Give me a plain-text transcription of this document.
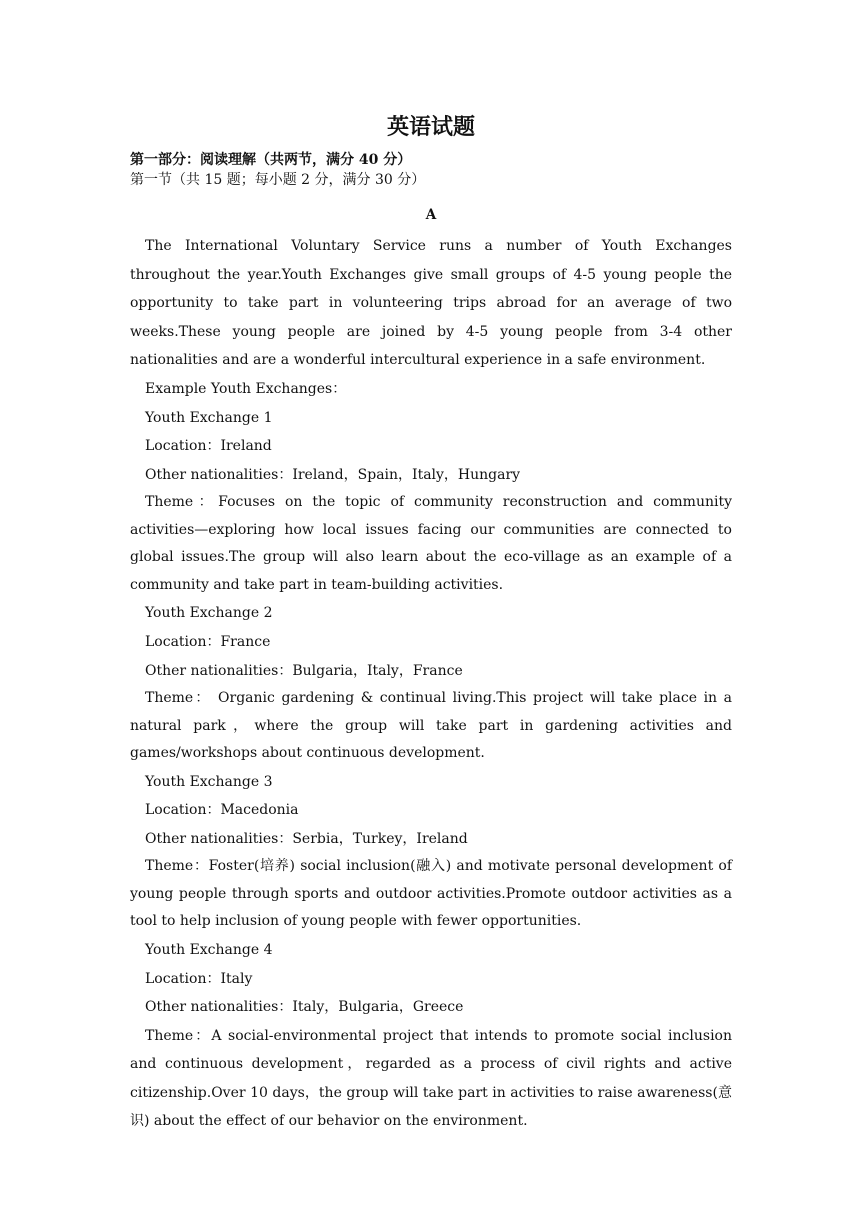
英语试题

第一部分：阅读理解（共两节，满分 40 分）

第一节（共 15 题；每小题 2 分，满分 30 分）

A

The International Voluntary Service runs a number of Youth Exchanges throughout the year.Youth Exchanges give small groups of 4‐5 young people the opportunity to take part in volunteering trips abroad for an average of two weeks.These young people are joined by 4‐5 young people from 3‐4 other nationalities and are a wonderful intercultural experience in a safe environment.

Example Youth Exchanges：

Youth Exchange 1

Location：Ireland

Other nationalities：Ireland，Spain，Italy，Hungary

Theme：Focuses on the topic of community reconstruction and community activities—exploring how local issues facing our communities are connected to global issues.The group will also learn about the eco‐village as an example of a community and take part in team‐building activities.

Youth Exchange 2

Location：France

Other nationalities：Bulgaria，Italy，France

Theme： Organic gardening & continual living.This project will take place in a natural park，where the group will take part in gardening activities and games/workshops about continuous development.

Youth Exchange 3

Location：Macedonia

Other nationalities：Serbia，Turkey，Ireland

Theme：Foster(培养) social inclusion(融入) and motivate personal development of young people through sports and outdoor activities.Promote outdoor activities as a tool to help inclusion of young people with fewer opportunities.

Youth Exchange 4

Location：Italy

Other nationalities：Italy，Bulgaria，Greece

Theme：A social‐environmental project that intends to promote social inclusion and continuous development，regarded as a process of civil rights and active citizenship.Over 10 days，the group will take part in activities to raise awareness(意识) about the effect of our behavior on the environment.
